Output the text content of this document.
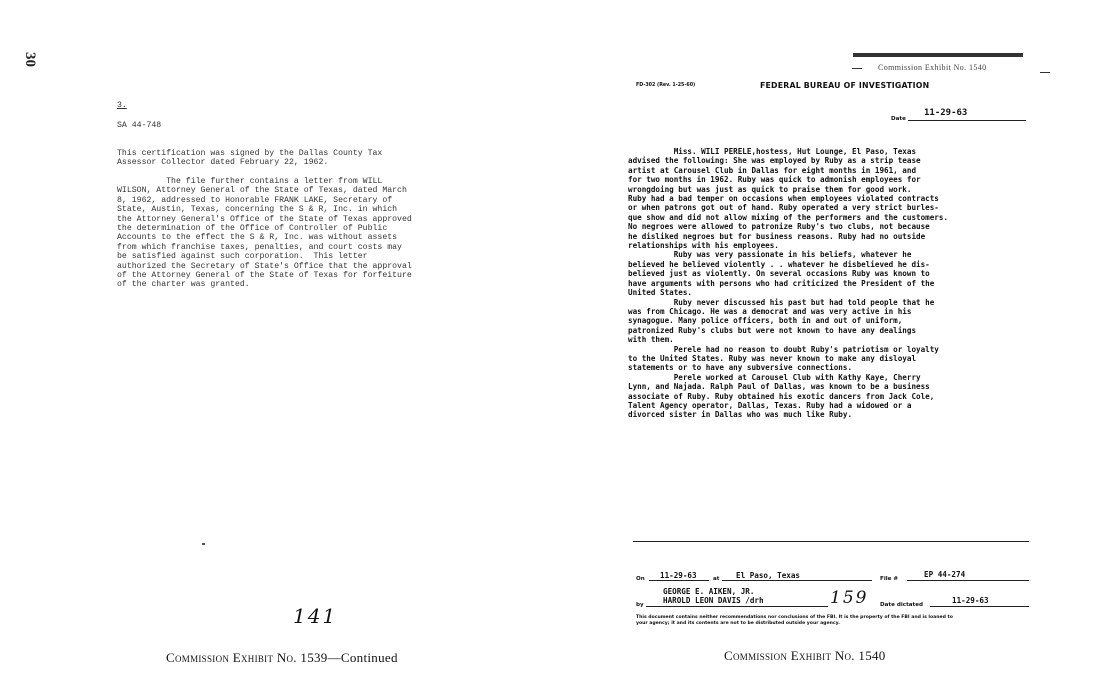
30
3.
SA 44-748
This certification was signed by the Dallas County Tax
Assessor Collector dated February 22, 1962.
The file further contains a letter from WILL
WILSON, Attorney General of the State of Texas, dated March
8, 1962, addressed to Honorable FRANK LAKE, Secretary of
State, Austin, Texas, concerning the S & R, Inc. in which
the Attorney General's Office of the State of Texas approved
the determination of the Office of Controller of Public
Accounts to the effect the S & R, Inc. was without assets
from which franchise taxes, penalties, and court costs may
be satisfied against such corporation.  This letter
authorized the Secretary of State's Office that the approval
of the Attorney General of the State of Texas for forfeiture
of the charter was granted.
141
Commission Exhibit No. 1539—Continued
Commission Exhibit No. 1540
FD-302 (Rev. 1-25-60)	FEDERAL BUREAU OF INVESTIGATION
Date
11-29-63
Miss. WILI PERELE,hostess, Hut Lounge, El Paso, Texas
advised the following: She was employed by Ruby as a strip tease
artist at Carousel Club in Dallas for eight months in 1961, and
for two months in 1962. Ruby was quick to admonish employees for
wrongdoing but was just as quick to praise them for good work.
Ruby had a bad temper on occasions when employees violated contracts
or when patrons got out of hand. Ruby operated a very strict burles-
que show and did not allow mixing of the performers and the customers.
No negroes were allowed to patronize Ruby's two clubs, not because
he disliked negroes but for business reasons. Ruby had no outside
relationships with his employees.
Ruby was very passionate in his beliefs, whatever he
believed he believed violently . . whatever he disbelieved he dis-
believed just as violently. On several occasions Ruby was known to
have arguments with persons who had criticized the President of the
United States.
Ruby never discussed his past but had told people that he
was from Chicago. He was a democrat and was very active in his
synagogue. Many police officers, both in and out of uniform,
patronized Ruby's clubs but were not known to have any dealings
with them.
Perele had no reason to doubt Ruby's patriotism or loyalty
to the United States. Ruby was never known to make any disloyal
statements or to have any subversive connections.
Perele worked at Carousel Club with Kathy Kaye, Cherry
Lynn, and Najada. Ralph Paul of Dallas, was known to be a business
associate of Ruby. Ruby obtained his exotic dancers from Jack Cole,
Talent Agency operator, Dallas, Texas. Ruby had a widowed or a
divorced sister in Dallas who was much like Ruby.
On 11-29-63	at El Paso, Texas	File #	EP 44-274
GEORGE E. AIKEN, JR.
by	HAROLD LEON DAVIS /drh	159 Date dictated	11-29-63
This document contains neither recommendations nor conclusions of the FBI. It is the property of the FBI and is loaned to
your agency; it and its contents are not to be distributed outside your agency.
Commission Exhibit No. 1540
